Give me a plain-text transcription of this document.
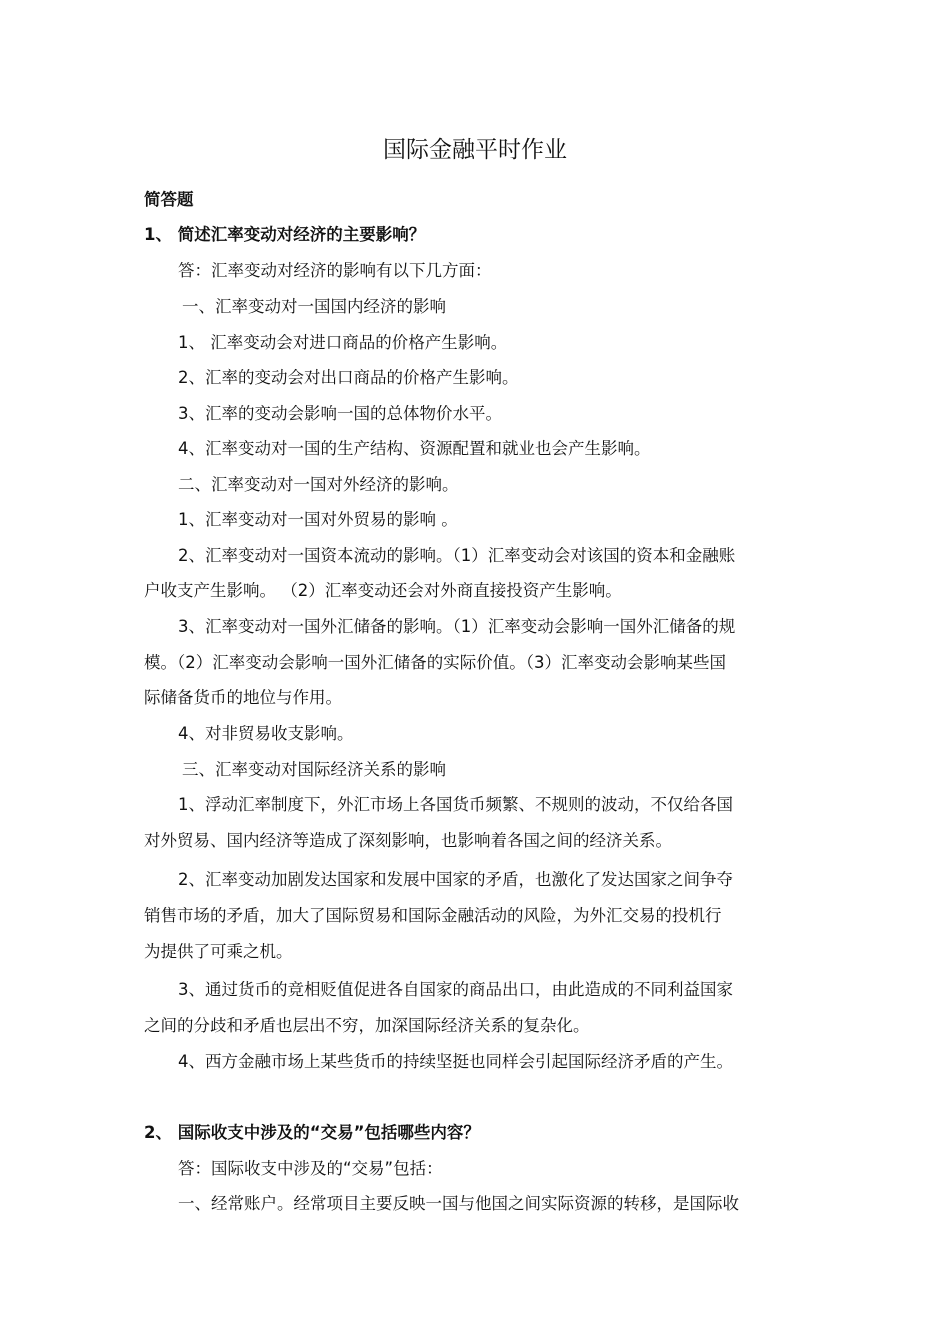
国际金融平时作业
简答题
1、 简述汇率变动对经济的主要影响？
答：汇率变动对经济的影响有以下几方面：
一、汇率变动对一国国内经济的影响
1、 汇率变动会对进口商品的价格产生影响。
2、汇率的变动会对出口商品的价格产生影响。
3、汇率的变动会影响一国的总体物价水平。
4、汇率变动对一国的生产结构、资源配置和就业也会产生影响。
二、汇率变动对一国对外经济的影响。
1、汇率变动对一国对外贸易的影响 。
2、汇率变动对一国资本流动的影响。（1）汇率变动会对该国的资本和金融账
户收支产生影响。 （2）汇率变动还会对外商直接投资产生影响。
3、汇率变动对一国外汇储备的影响。（1）汇率变动会影响一国外汇储备的规
模。（2）汇率变动会影响一国外汇储备的实际价值。（3）汇率变动会影响某些国
际储备货币的地位与作用。
4、对非贸易收支影响。
三、汇率变动对国际经济关系的影响
1、浮动汇率制度下，外汇市场上各国货币频繁、不规则的波动，不仅给各国
对外贸易、国内经济等造成了深刻影响，也影响着各国之间的经济关系。
2、汇率变动加剧发达国家和发展中国家的矛盾，也激化了发达国家之间争夺
销售市场的矛盾，加大了国际贸易和国际金融活动的风险，为外汇交易的投机行
为提供了可乘之机。
3、通过货币的竞相贬值促进各自国家的商品出口，由此造成的不同利益国家
之间的分歧和矛盾也层出不穷，加深国际经济关系的复杂化。
4、西方金融市场上某些货币的持续坚挺也同样会引起国际经济矛盾的产生。
2、 国际收支中涉及的“交易”包括哪些内容？
答：国际收支中涉及的“交易”包括：
一、经常账户。经常项目主要反映一国与他国之间实际资源的转移，是国际收
